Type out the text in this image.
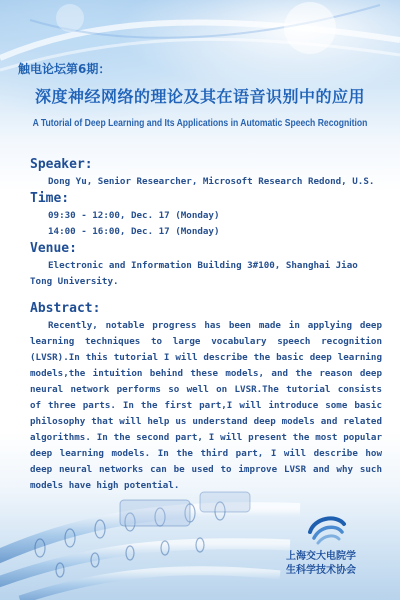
触电论坛第6期：

深度神经网络的理论及其在语音识别中的应用
A Tutorial of Deep Learning and Its Applications in Automatic Speech Recognition

Speaker:

Dong Yu, Senior Researcher, Microsoft Research Redond, U.S.

Time:

09:30 - 12:00, Dec. 17 (Monday)

14:00 - 16:00, Dec. 17 (Monday)

Venue:

Electronic and Information Building 3#100, Shanghai Jiao Tong University.

Abstract:

Recently, notable progress has been made in applying deep learning techniques to large vocabulary speech recognition (LVSR).In this tutorial I will describe the basic deep learning models,the intuition behind these models, and the reason deep neural network performs so well on LVSR.The tutorial consists of three parts. In the first part,I will introduce some basic philosophy that will help us understand deep models and related algorithms. In the second part, I will present the most popular deep learning models. In the third part, I will describe how deep neural networks can be used to improve LVSR and why such models have high potential.

上海交大电院学
生科学技术协会
